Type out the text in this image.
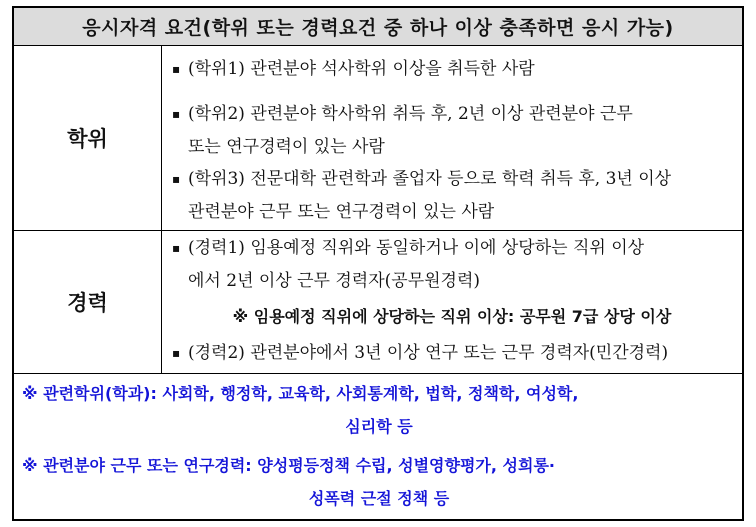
응시자격 요건(학위 또는 경력요건 중 하나 이상 충족하면 응시 가능)
학위
▪ (학위1) 관련분야 석사학위 이상을 취득한 사람
▪ (학위2) 관련분야 학사학위 취득 후, 2년 이상 관련분야 근무
또는 연구경력이 있는 사람
▪ (학위3) 전문대학 관련학과 졸업자 등으로 학력 취득 후, 3년 이상
관련분야 근무 또는 연구경력이 있는 사람
경력
▪ (경력1) 임용예정 직위와 동일하거나 이에 상당하는 직위 이상
에서 2년 이상 근무 경력자(공무원경력)
※ 임용예정 직위에 상당하는 직위 이상: 공무원 7급 상당 이상
▪ (경력2) 관련분야에서 3년 이상 연구 또는 근무 경력자(민간경력)
※ 관련학위(학과): 사회학, 행정학, 교육학, 사회통계학, 법학, 정책학, 여성학,
심리학 등
※ 관련분야 근무 또는 연구경력: 양성평등정책 수립, 성별영향평가, 성희롱·
성폭력 근절 정책 등
